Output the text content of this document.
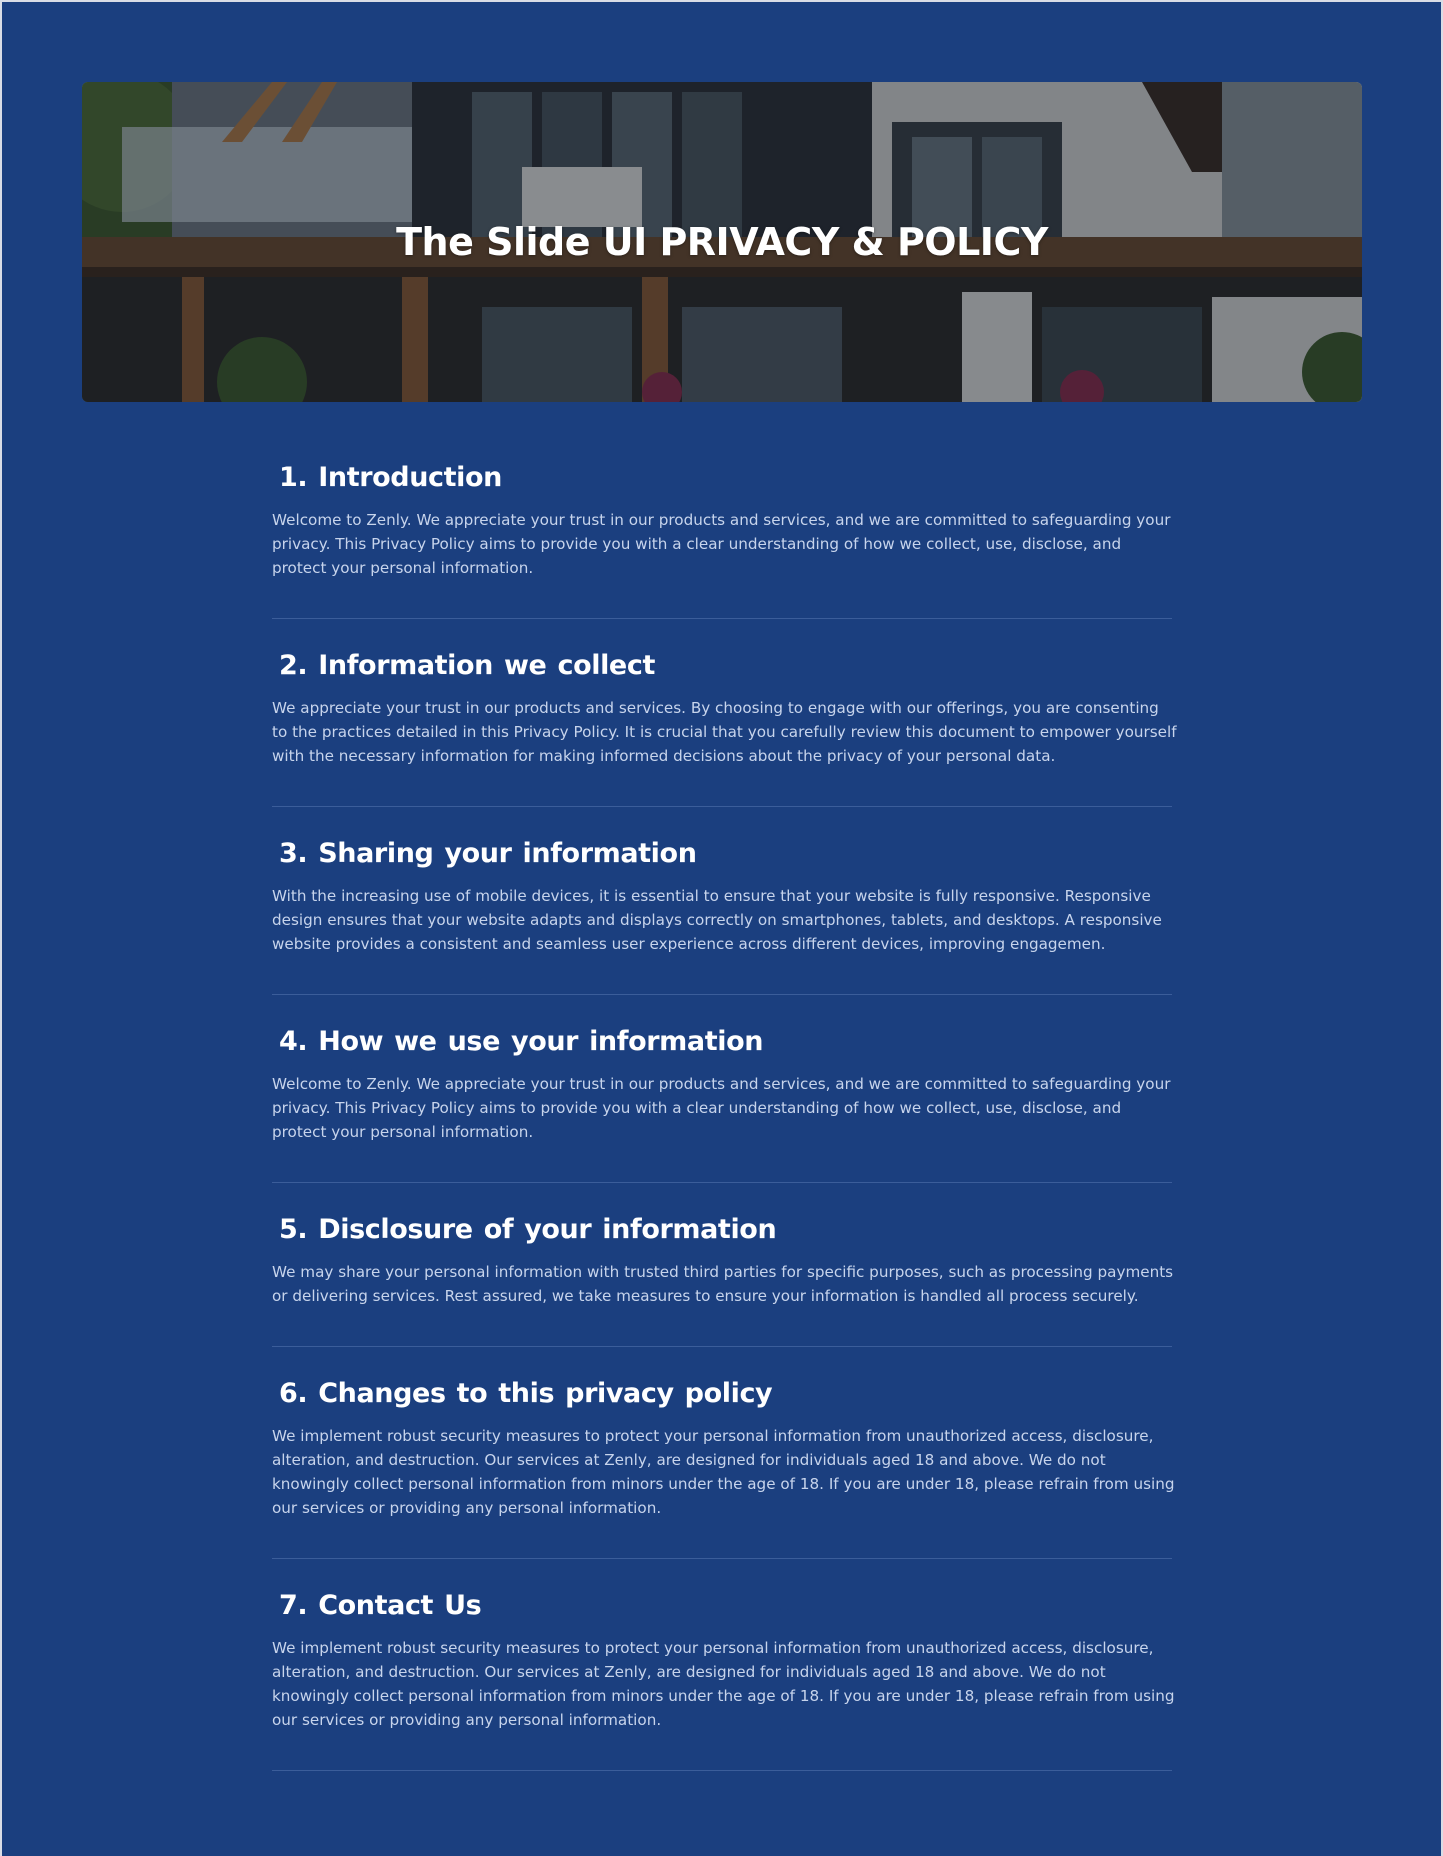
The Slide UI PRIVACY & POLICY
1. Introduction

Welcome to Zenly. We appreciate your trust in our products and services, and we are committed to safeguarding your privacy. This Privacy Policy aims to provide you with a clear understanding of how we collect, use, disclose, and protect your personal information.

2. Information we collect

We appreciate your trust in our products and services. By choosing to engage with our offerings, you are consenting to the practices detailed in this Privacy Policy. It is crucial that you carefully review this document to empower yourself with the necessary information for making informed decisions about the privacy of your personal data.

3. Sharing your information

With the increasing use of mobile devices, it is essential to ensure that your website is fully responsive. Responsive design ensures that your website adapts and displays correctly on smartphones, tablets, and desktops. A responsive website provides a consistent and seamless user experience across different devices, improving engagemen.

4. How we use your information

Welcome to Zenly. We appreciate your trust in our products and services, and we are committed to safeguarding your privacy. This Privacy Policy aims to provide you with a clear understanding of how we collect, use, disclose, and protect your personal information.

5. Disclosure of your information

We may share your personal information with trusted third parties for specific purposes, such as processing payments or delivering services. Rest assured, we take measures to ensure your information is handled all process securely.

6. Changes to this privacy policy

We implement robust security measures to protect your personal information from unauthorized access, disclosure, alteration, and destruction. Our services at Zenly, are designed for individuals aged 18 and above. We do not knowingly collect personal information from minors under the age of 18. If you are under 18, please refrain from using our services or providing any personal information.

7. Contact Us

We implement robust security measures to protect your personal information from unauthorized access, disclosure, alteration, and destruction. Our services at Zenly, are designed for individuals aged 18 and above. We do not knowingly collect personal information from minors under the age of 18. If you are under 18, please refrain from using our services or providing any personal information.
